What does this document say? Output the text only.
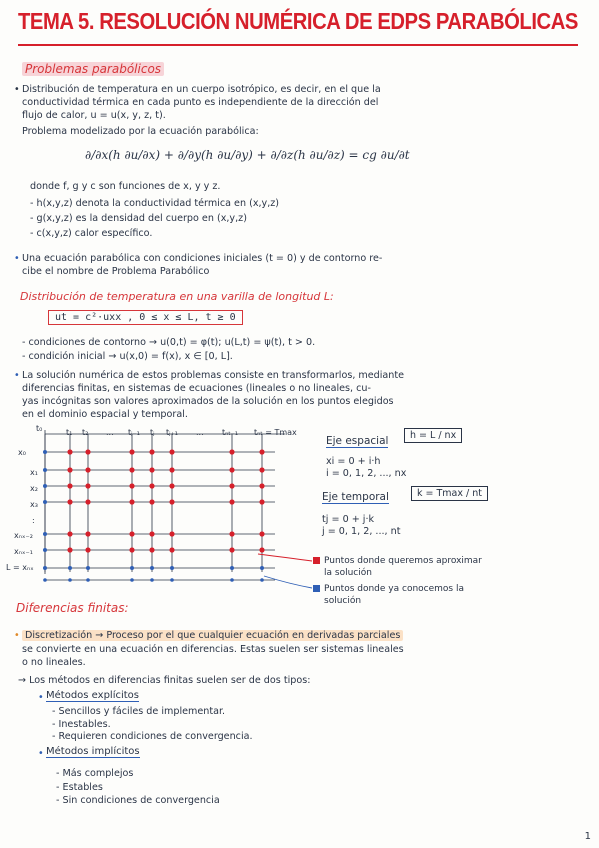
TEMA 5. RESOLUCIÓN NUMÉRICA DE EDPS PARABÓLICAS
Problemas parabólicos
• Distribución de temperatura en un cuerpo isotrópico, es decir, en el que la
conductividad térmica en cada punto es independiente de la dirección del
flujo de calor, u = u(x, y, z, t).
Problema modelizado por la ecuación parabólica:
∂/∂x(h ∂u/∂x) + ∂/∂y(h ∂u/∂y) + ∂/∂z(h ∂u/∂z) = cg ∂u/∂t
donde f, g y c son funciones de x, y y z.
- h(x,y,z) denota la conductividad térmica en (x,y,z)
- g(x,y,z) es la densidad del cuerpo en (x,y,z)
- c(x,y,z) calor específico.
• Una ecuación parabólica con condiciones iniciales (t = 0) y de contorno re-
cibe el nombre de Problema Parabólico
Distribución de temperatura en una varilla de longitud L:
ut = c²·uxx , 0 ≤ x ≤ L, t ≥ 0
- condiciones de contorno → u(0,t) = φ(t); u(L,t) = ψ(t), t > 0.
- condición inicial → u(x,0) = f(x), x ∈ [0, L].
• La solución numérica de estos problemas consiste en transformarlos, mediante
diferencias finitas, en sistemas de ecuaciones (lineales o no lineales, cu-
yas incógnitas son valores aproximados de la solución en los puntos elegidos
en el dominio espacial y temporal.
t₀	t₁ t₂ ... tⱼ₋₁ tⱼ tⱼ₊₁ ... tₙₜ₋₁ tₙₜ = Tmax
x₀
x₁
x₂
x₃
:
xₙₓ₋₂
xₙₓ₋₁
L = xₙₓ
Puntos donde queremos aproximar la solución
Puntos donde ya conocemos la solución
Eje espacial	h = L / nx
xi = 0 + i·h
i = 0, 1, 2, ..., nx
Eje temporal	k = Tmax / nt
tj = 0 + j·k
j = 0, 1, 2, ..., nt
Diferencias finitas:
• Discretización → Proceso por el que cualquier ecuación en derivadas parciales
se convierte en una ecuación en diferencias. Estas suelen ser sistemas lineales
o no lineales.
→ Los métodos en diferencias finitas suelen ser de dos tipos:
• Métodos explícitos
- Sencillos y fáciles de implementar.
- Inestables.
- Requieren condiciones de convergencia.
• Métodos implícitos
- Más complejos
- Estables
- Sin condiciones de convergencia
1
